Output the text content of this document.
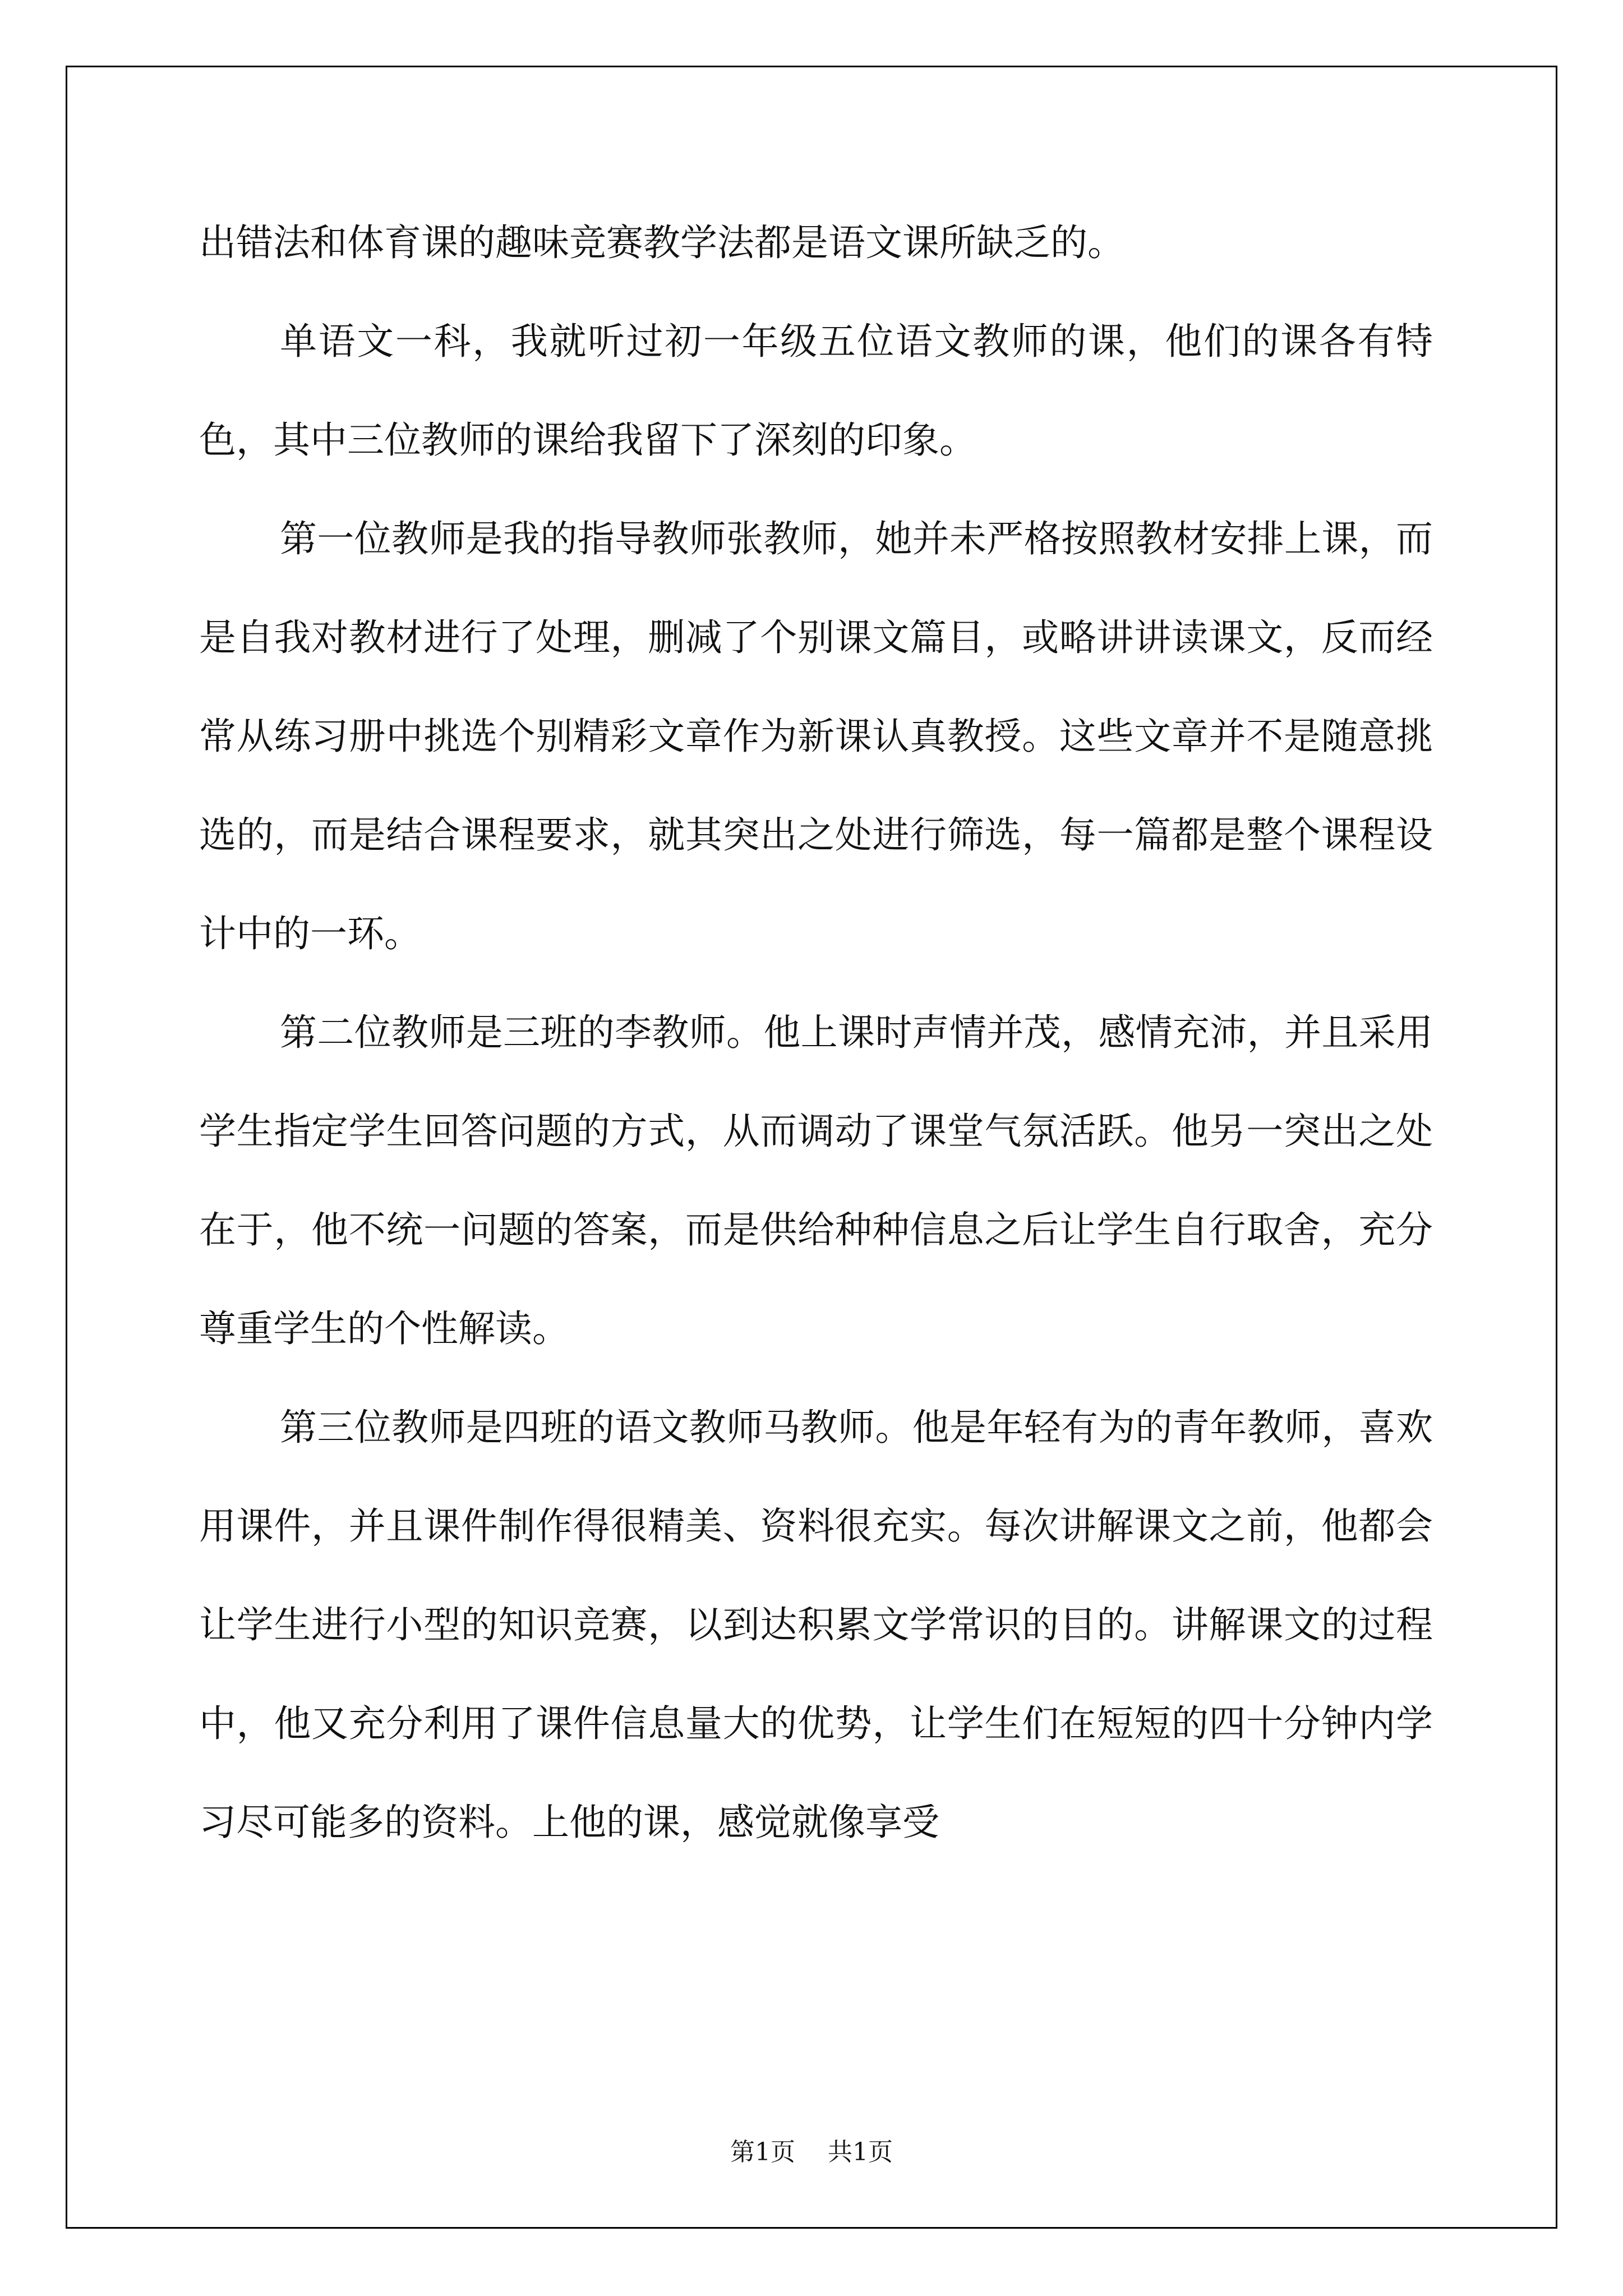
出错法和体育课的趣味竞赛教学法都是语文课所缺乏的。

单语文一科，我就听过初一年级五位语文教师的课，他们的课各有特色，其中三位教师的课给我留下了深刻的印象。

第一位教师是我的指导教师张教师，她并未严格按照教材安排上课，而是自我对教材进行了处理，删减了个别课文篇目，或略讲讲读课文，反而经常从练习册中挑选个别精彩文章作为新课认真教授。这些文章并不是随意挑选的，而是结合课程要求，就其突出之处进行筛选，每一篇都是整个课程设计中的一环。

第二位教师是三班的李教师。他上课时声情并茂，感情充沛，并且采用学生指定学生回答问题的方式，从而调动了课堂气氛活跃。他另一突出之处在于，他不统一问题的答案，而是供给种种信息之后让学生自行取舍，充分尊重学生的个性解读。

第三位教师是四班的语文教师马教师。他是年轻有为的青年教师，喜欢用课件，并且课件制作得很精美、资料很充实。每次讲解课文之前，他都会让学生进行小型的知识竞赛，以到达积累文学常识的目的。讲解课文的过程中，他又充分利用了课件信息量大的优势，让学生们在短短的四十分钟内学习尽可能多的资料。上他的课，感觉就像享受

第1页 共1页
